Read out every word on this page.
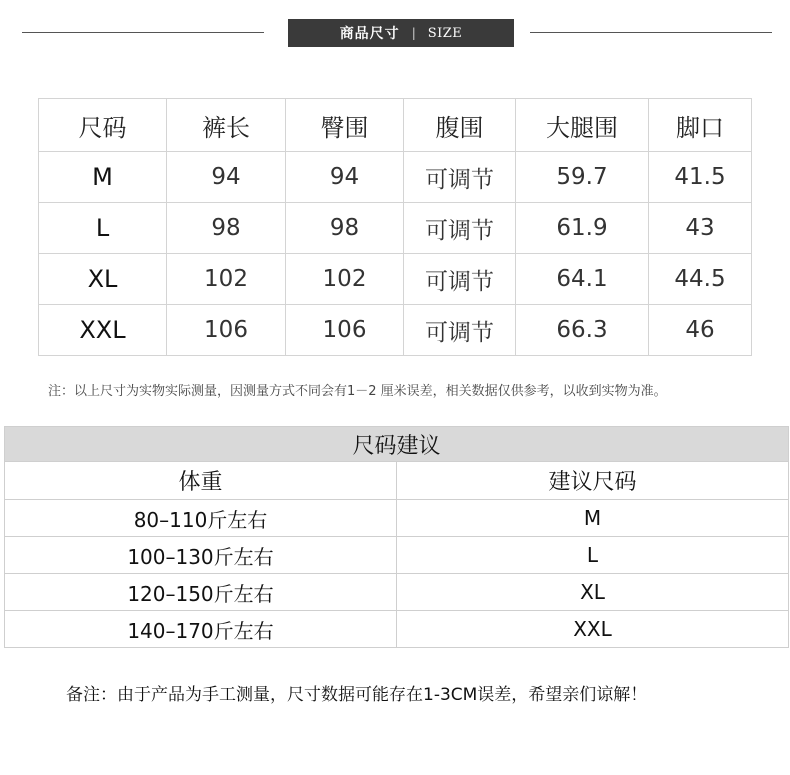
商品尺寸 | SIZE
尺码	裤长	臀围	腹围	大腿围	脚口
M	94	94	可调节	59.7	41.5
L	98	98	可调节	61.9	43
XL	102	102	可调节	64.1	44.5
XXL	106	106	可调节	66.3	46
注：以上尺寸为实物实际测量，因测量方式不同会有1－2 厘米误差，相关数据仅供参考，以收到实物为准。
尺码建议	
体重	建议尺码
80–110斤左右	M
100–130斤左右	L
120–150斤左右	XL
140–170斤左右	XXL
备注：由于产品为手工测量，尺寸数据可能存在1-3CM误差，希望亲们谅解！
